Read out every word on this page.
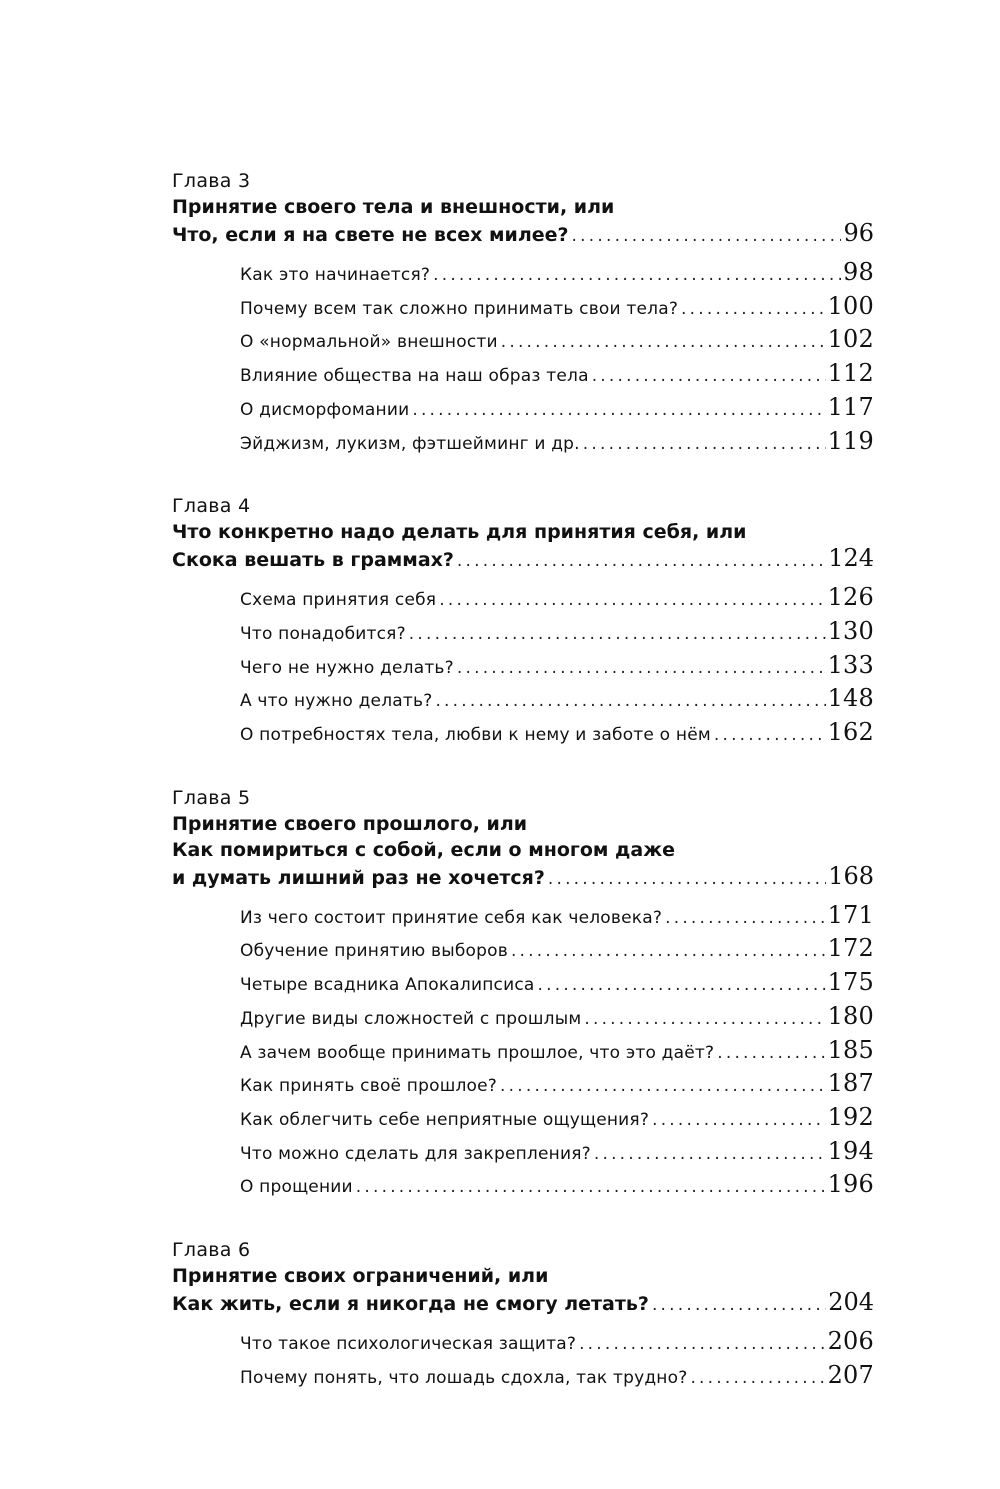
Глава 3
Принятие своего тела и внешности, или
Что, если я на свете не всех милее? .....	96
Как это начинается? .....	98
Почему всем так сложно принимать свои тела? .....	100
О «нормальной» внешности .....	102
Влияние общества на наш образ тела .....	112
О дисморфомании .....	117
Эйджизм, лукизм, фэтшейминг и др. .....	119
Глава 4
Что конкретно надо делать для принятия себя, или
Скока вешать в граммах? .....	124
Схема принятия себя .....	126
Что понадобится? .....	130
Чего не нужно делать? .....	133
А что нужно делать? .....	148
О потребностях тела, любви к нему и заботе о нём .....	162
Глава 5
Принятие своего прошлого, или
Как помириться с собой, если о многом даже
и думать лишний раз не хочется? .....	168
Из чего состоит принятие себя как человека? .....	171
Обучение принятию выборов .....	172
Четыре всадника Апокалипсиса .....	175
Другие виды сложностей с прошлым .....	180
А зачем вообще принимать прошлое, что это даёт? .....	185
Как принять своё прошлое? .....	187
Как облегчить себе неприятные ощущения? .....	192
Что можно сделать для закрепления? .....	194
О прощении .....	196
Глава 6
Принятие своих ограничений, или
Как жить, если я никогда не смогу летать? .....	204
Что такое психологическая защита? .....	206
Почему понять, что лошадь сдохла, так трудно? .....	207
